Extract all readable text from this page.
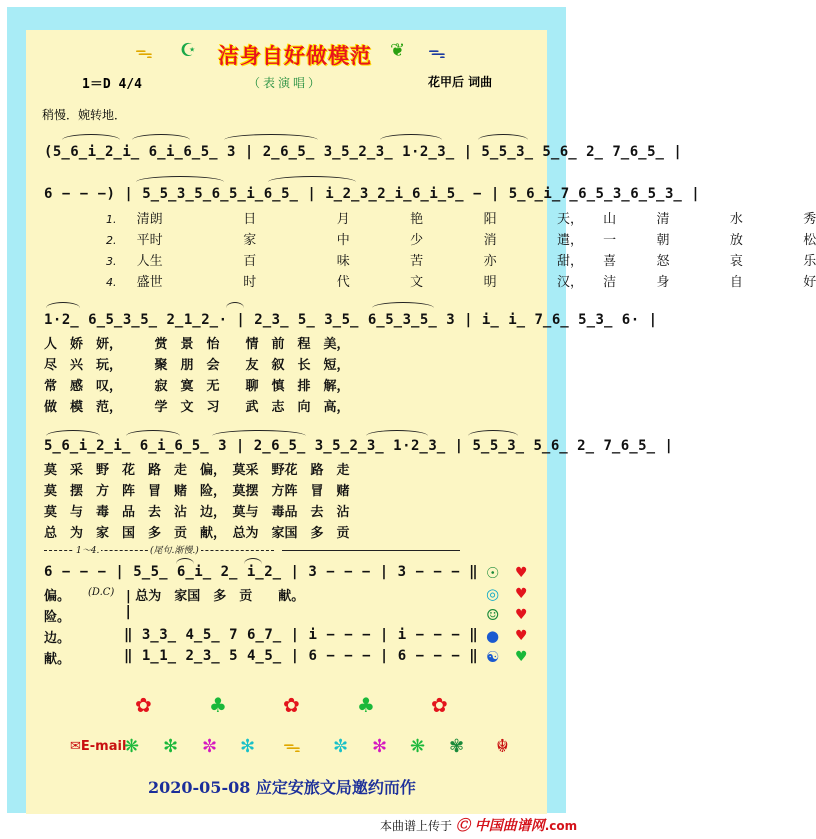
ᯓ ☪ 洁身自好做模范 ❦ ᯓ
1＝D 4/4	（表演唱）	花甲后 词曲
稍慢．婉转地．
(5̲6̲i̲2̲i̲ 6̲i̲6̲5̲ 3 | 2̲6̲5̲ 3̲5̲2̲3̲ 1·2̲3̲ | 5̲5̲3̲ 5̲6̲ 2̲ 7̲6̲5̲ |
6 − − −) | 5̲5̲3̲5̲6̲5̲i̲6̲5̲ | i̲2̲3̲2̲i̲6̲i̲5̲ − | 5̲6̲i̲7̲6̲5̲3̲6̲5̲3̲ |
1. 清朗	日	月	艳	阳	天， 山	清	水	秀
2. 平时	家	中	少	消	遣， 一	朝	放	松
3. 人生	百	味	苦	亦	甜， 喜	怒	哀	乐
4. 盛世	时	代	文	明	汉， 洁	身	自	好
1·2̲ 6̲5̲3̲5̲ 2̲1̲2̲· | 2̲3̲ 5̲ 3̲5̲ 6̲5̲3̲5̲ 3 | i̲ i̲ 7̲6̲ 5̲3̲ 6· |
人　娇　妍，　　　赏　景　怡　　情　前　程　美，
尽　兴　玩，　　　聚　朋　会　　友　叙　长　短，
常　感　叹，　　　寂　寞　无　　聊　慎　排　解，
做　模　范，　　　学　文　习　　武　志　向　高，
5̲6̲i̲2̲i̲ 6̲i̲6̲5̲ 3 | 2̲6̲5̲ 3̲5̲2̲3̲ 1·2̲3̲ | 5̲5̲3̲ 5̲6̲ 2̲ 7̲6̲5̲ |
莫　采　野　花　路　走　偏，　莫采　野花　路　走
莫　摆　方　阵　冒　赌　险，　莫摆　方阵　冒　赌
莫　与　毒　品　去　沾　边，　莫与　毒品　去　沾
总　为　家　国　多　贡　献，　总为　家国　多　贡
1～4.	(尾句.渐慢.)
6 − − − | 5̲5̲ 6̲i̲ 2̲ i̲2̲ | 3 − − − | 3 − − − ‖
偏。 (D.C) | 总为　家国　多　贡　　献。
险。	|
边。	‖ 3̲3̲ 4̲5̲ 7 6̲7̲ | i − − − | i − − − ‖
献。	‖ 1̲1̲ 2̲3̲ 5 4̲5̲ | 6 − − − | 6 − − − ‖
☉ ♥
◎ ♥
☺ ♥
● ♥
☯ ♥
✿	♣	✿	♣	✿
✉E-mail
❋ ✻ ✼ ✻ ᯓ ✼ ✻ ❋ ✾ ☬
2020-05-08 应定安旅文局邀约而作
本曲谱上传于 Ⓒ 中国曲谱网.com
